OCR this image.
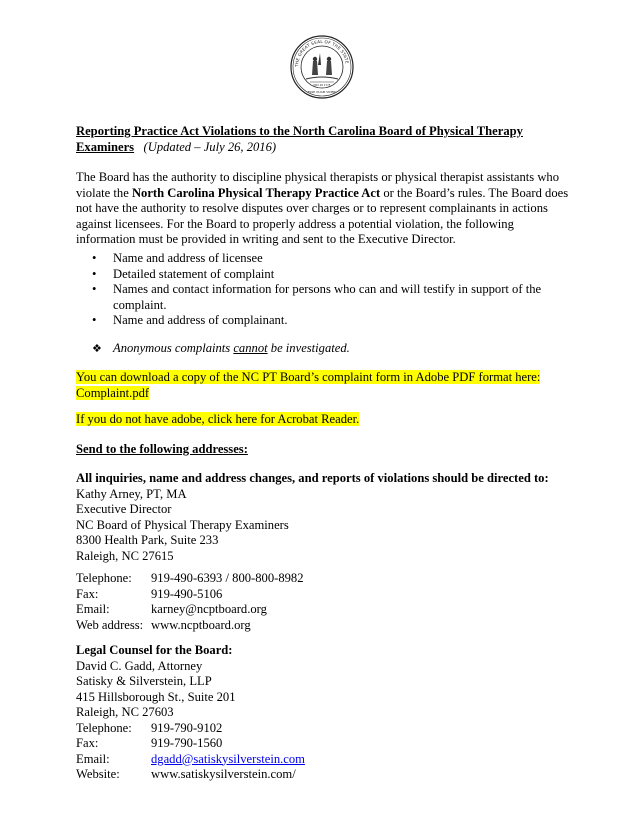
THE GREAT SEAL OF THE STATE
MAY 20 1775
ESSE QUAM VIDERI
Reporting Practice Act Violations to the North Carolina Board of Physical Therapy Examiners (Updated – July 26, 2016)

The Board has the authority to discipline physical therapists or physical therapist assistants who violate the North Carolina Physical Therapy Practice Act or the Board’s rules. The Board does not have the authority to resolve disputes over charges or to represent complainants in actions against licensees. For the Board to properly address a potential violation, the following information must be provided in writing and sent to the Executive Director.

• Name and address of licensee
• Detailed statement of complaint
• Names and contact information for persons who can and will testify in support of the complaint.
• Name and address of complainant.
❖ Anonymous complaints cannot be investigated.

You can download a copy of the NC PT Board’s complaint form in Adobe PDF format here:
Complaint.pdf

If you do not have adobe, click here for Acrobat Reader.

Send to the following addresses:

All inquiries, name and address changes, and reports of violations should be directed to:

Kathy Arney, PT, MA

Executive Director

NC Board of Physical Therapy Examiners

8300 Health Park, Suite 233

Raleigh, NC 27615

Telephone:	919-490-6393 / 800-800-8982
Fax:	919-490-5106
Email:	karney@ncptboard.org
Web address: www.ncptboard.org

Legal Counsel for the Board:

David C. Gadd, Attorney

Satisky & Silverstein, LLP

415 Hillsborough St., Suite 201

Raleigh, NC 27603

Telephone:	919-790-9102
Fax:	919-790-1560
Email:	dgadd@satiskysilverstein.com
Website:	www.satiskysilverstein.com/
